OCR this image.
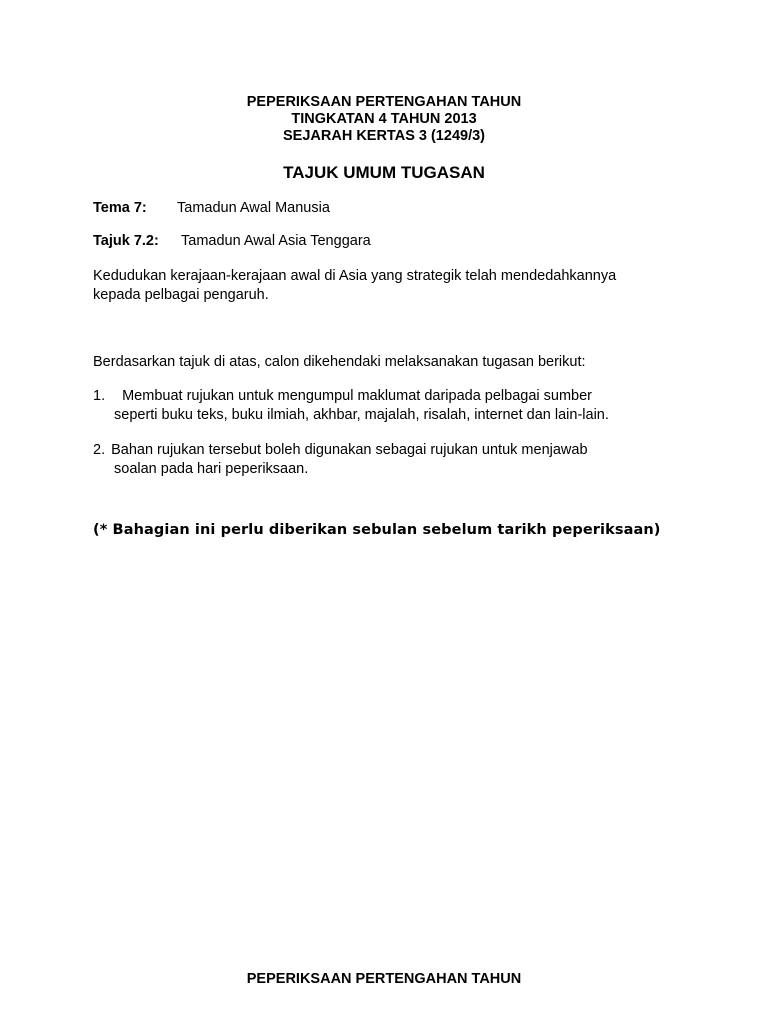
PEPERIKSAAN PERTENGAHAN TAHUN
TINGKATAN 4 TAHUN 2013
SEJARAH KERTAS 3 (1249/3)
TAJUK UMUM TUGASAN
Tema 7: Tamadun Awal Manusia
Tajuk 7.2: Tamadun Awal Asia Tenggara
Kedudukan kerajaan-kerajaan awal di Asia yang strategik telah mendedahkannya
kepada pelbagai pengaruh.
Berdasarkan tajuk di atas, calon dikehendaki melaksanakan tugasan berikut:
1. Membuat rujukan untuk mengumpul maklumat daripada pelbagai sumber
seperti buku teks, buku ilmiah, akhbar, majalah, risalah, internet dan lain-lain.
2. Bahan rujukan tersebut boleh digunakan sebagai rujukan untuk menjawab
soalan pada hari peperiksaan.
(* Bahagian ini perlu diberikan sebulan sebelum tarikh peperiksaan)
PEPERIKSAAN PERTENGAHAN TAHUN
